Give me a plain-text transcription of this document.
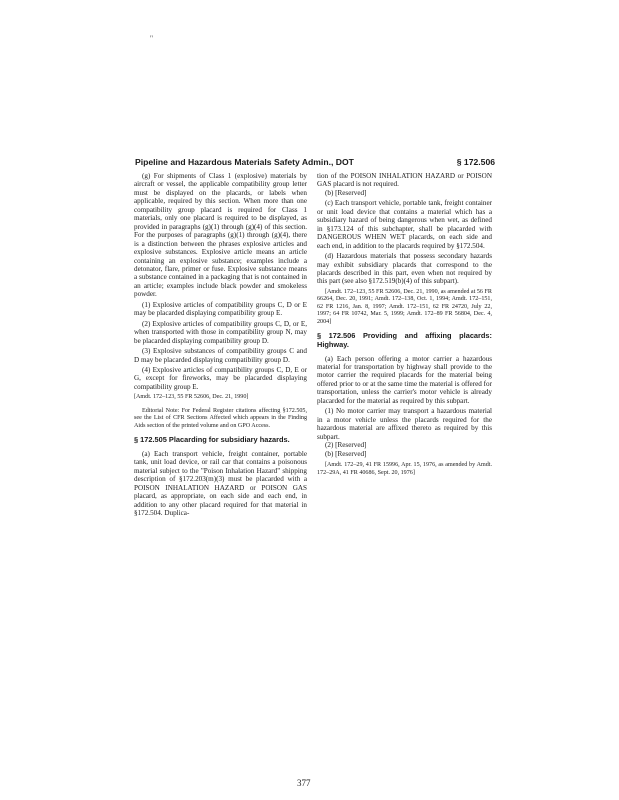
''
Pipeline and Hazardous Materials Safety Admin., DOT	§ 172.506

(g) For shipments of Class 1 (explosive) materials by aircraft or vessel, the applicable compatibility group letter must be displayed on the placards, or labels when applicable, required by this section. When more than one compatibility group placard is required for Class 1 materials, only one placard is required to be displayed, as provided in paragraphs (g)(1) through (g)(4) of this section. For the purposes of paragraphs (g)(1) through (g)(4), there is a distinction between the phrases explosive articles and explosive substances. Explosive article means an article containing an explosive substance; examples include a detonator, flare, primer or fuse. Explosive substance means a substance contained in a packaging that is not contained in an article; examples include black powder and smokeless powder.

(1) Explosive articles of compatibility groups C, D or E may be placarded displaying compatibility group E.

(2) Explosive articles of compatibility groups C, D, or E, when transported with those in compatibility group N, may be placarded displaying compatibility group D.

(3) Explosive substances of compatibility groups C and D may be placarded displaying compatibility group D.

(4) Explosive articles of compatibility groups C, D, E or G, except for fireworks, may be placarded displaying compatibility group E.

[Amdt. 172–123, 55 FR 52606, Dec. 21, 1990]

Editorial Note: For Federal Register citations affecting §172.505, see the List of CFR Sections Affected which appears in the Finding Aids section of the printed volume and on GPO Access.

§ 172.505 Placarding for subsidiary hazards.

(a) Each transport vehicle, freight container, portable tank, unit load device, or rail car that contains a poisonous material subject to the "Poison Inhalation Hazard" shipping description of §172.203(m)(3) must be placarded with a POISON INHALATION HAZARD or POISON GAS placard, as appropriate, on each side and each end, in addition to any other placard required for that material in §172.504. Duplica-

tion of the POISON INHALATION HAZARD or POISON GAS placard is not required.

(b) [Reserved]

(c) Each transport vehicle, portable tank, freight container or unit load device that contains a material which has a subsidiary hazard of being dangerous when wet, as defined in §173.124 of this subchapter, shall be placarded with DANGEROUS WHEN WET placards, on each side and each end, in addition to the placards required by §172.504.

(d) Hazardous materials that possess secondary hazards may exhibit subsidiary placards that correspond to the placards described in this part, even when not required by this part (see also §172.519(b)(4) of this subpart).

[Amdt. 172–123, 55 FR 52606, Dec. 21, 1990, as amended at 56 FR 66264, Dec. 20, 1991; Amdt. 172–138, Oct. 1, 1994; Amdt. 172–151, 62 FR 1216, Jan. 8, 1997; Amdt. 172–151, 62 FR 24720, July 22, 1997; 64 FR 10742, Mar. 5, 1999; Amdt. 172–89 FR 56804, Dec. 4, 2004]

§ 172.506 Providing and affixing placards: Highway.

(a) Each person offering a motor carrier a hazardous material for transportation by highway shall provide to the motor carrier the required placards for the material being offered prior to or at the same time the material is offered for transportation, unless the carrier's motor vehicle is already placarded for the material as required by this subpart.

(1) No motor carrier may transport a hazardous material in a motor vehicle unless the placards required for the hazardous material are affixed thereto as required by this subpart.

(2) [Reserved]

(b) [Reserved]

[Amdt. 172–29, 41 FR 15996, Apr. 15, 1976, as amended by Amdt. 172–29A, 41 FR 40686, Sept. 20, 1976]

377
